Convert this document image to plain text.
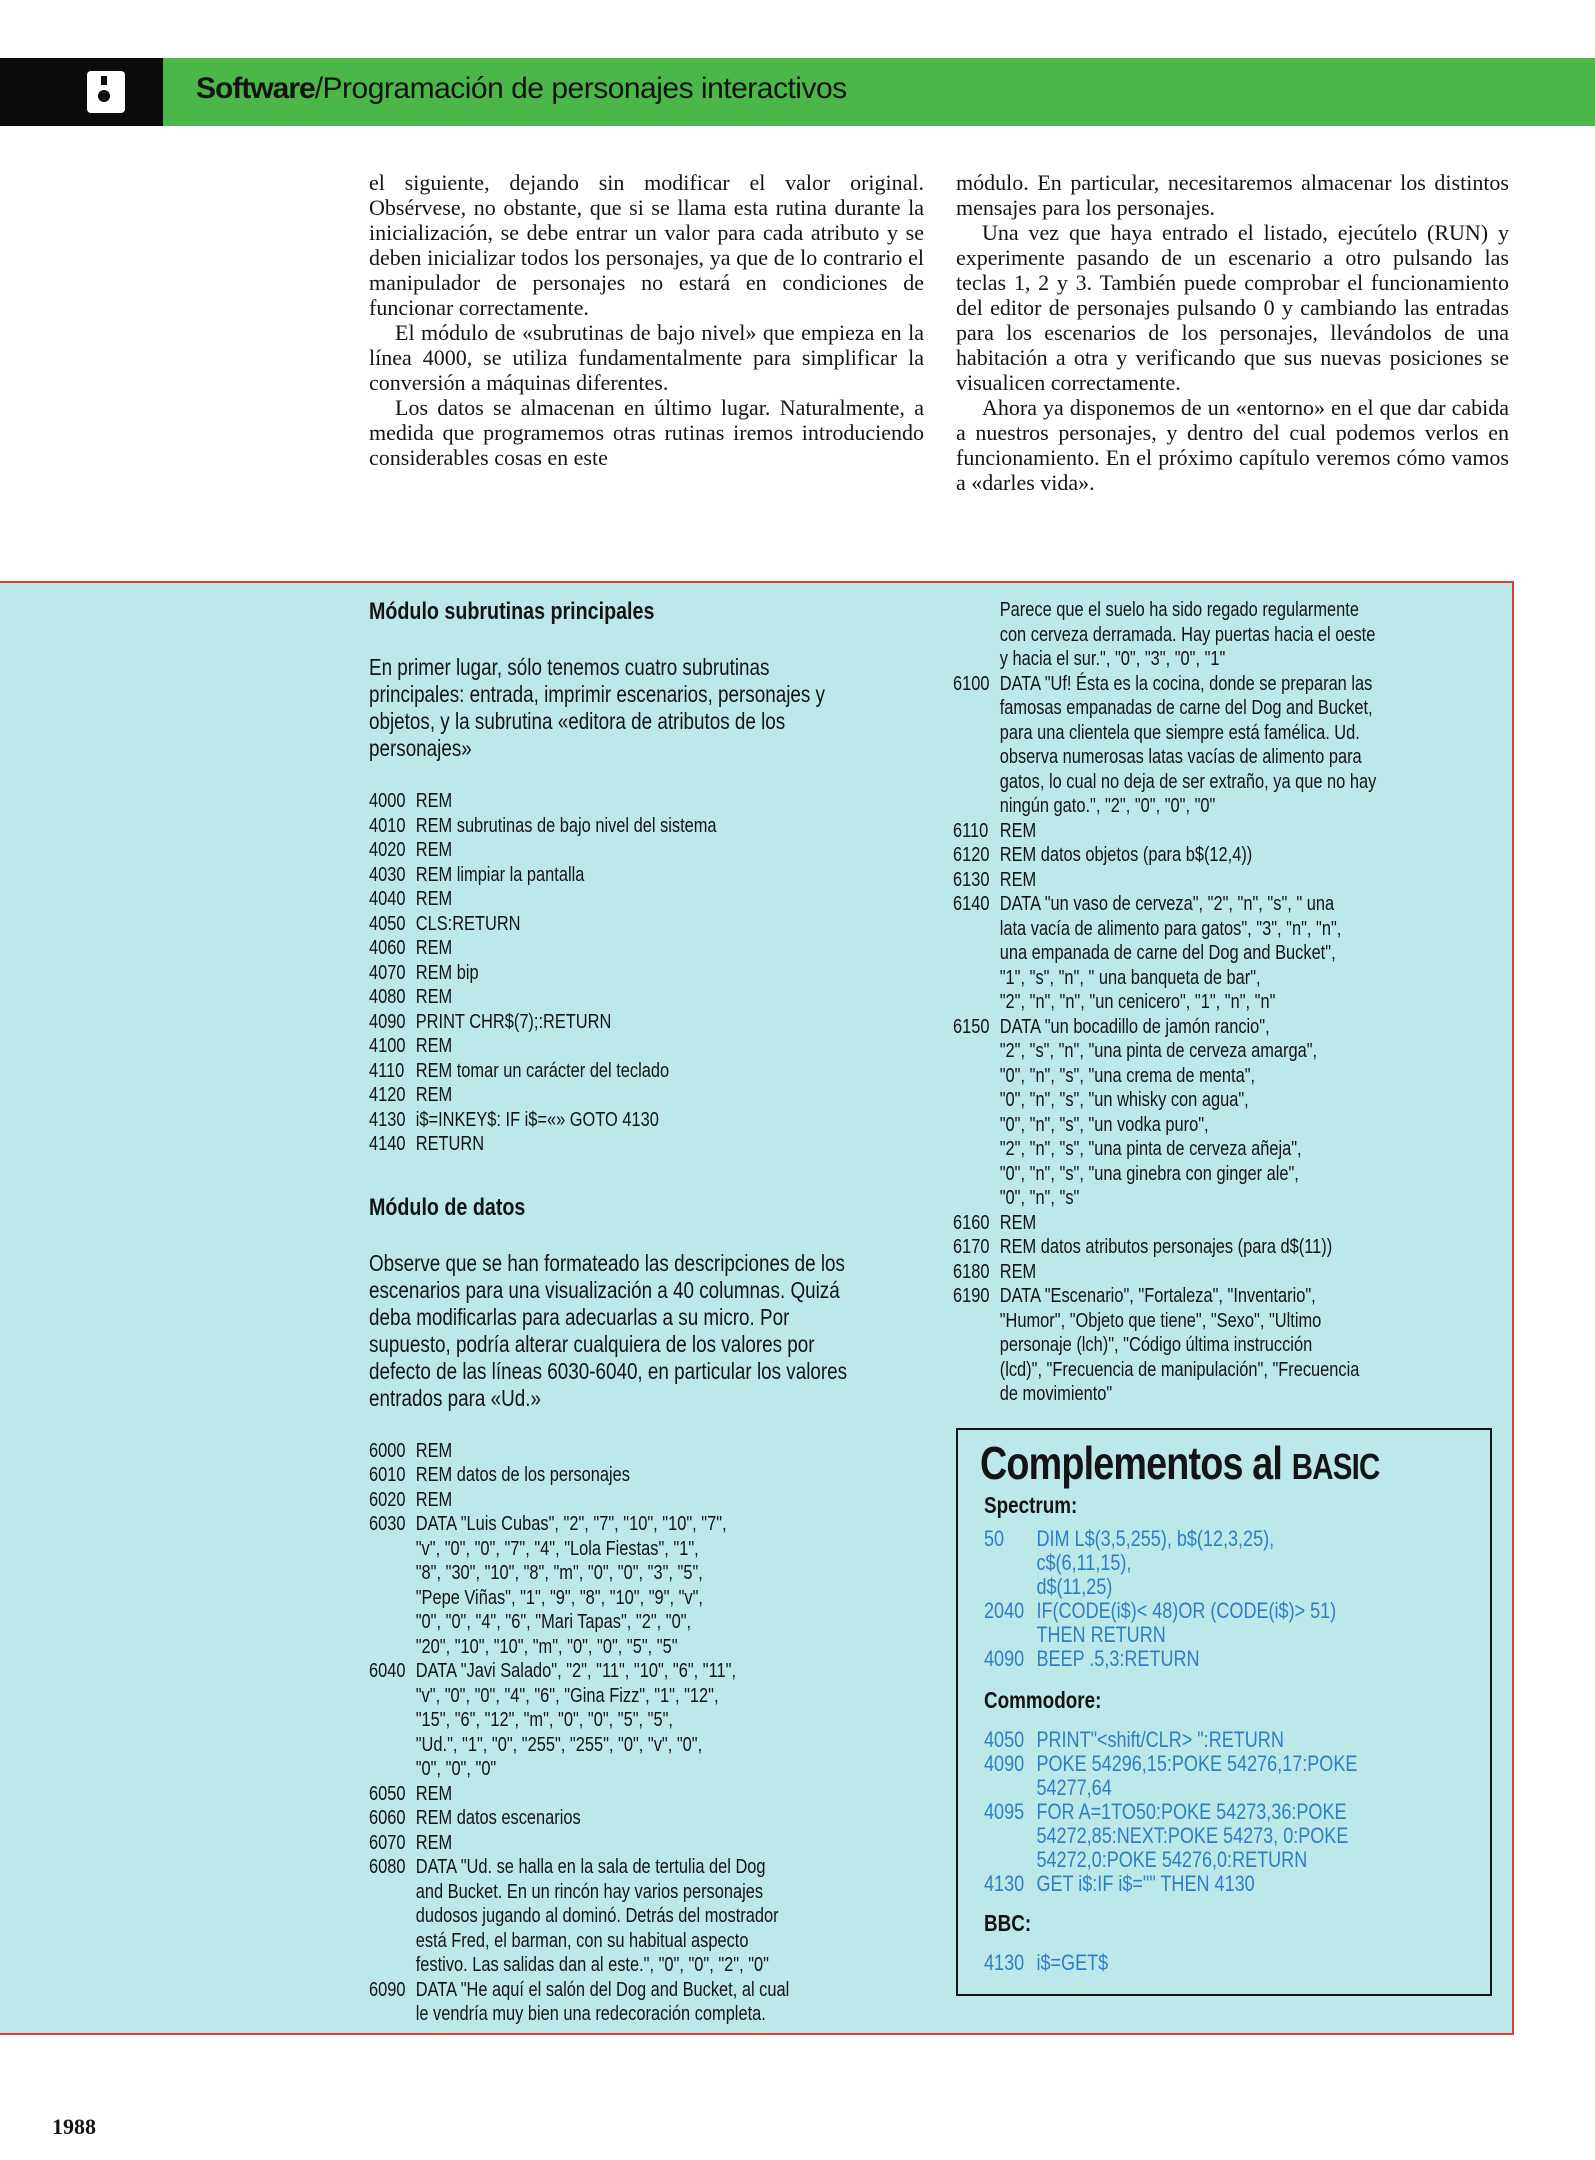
Software/Programación de personajes interactivos

el siguiente, dejando sin modificar el valor original. Obsérvese, no obstante, que si se llama esta rutina durante la inicialización, se debe entrar un valor para cada atributo y se deben inicializar todos los personajes, ya que de lo contrario el manipulador de personajes no estará en condiciones de funcionar correctamente.

El módulo de «subrutinas de bajo nivel» que empieza en la línea 4000, se utiliza fundamentalmente para simplificar la conversión a máquinas diferentes.

Los datos se almacenan en último lugar. Naturalmente, a medida que programemos otras rutinas iremos introduciendo considerables cosas en este

módulo. En particular, necesitaremos almacenar los distintos mensajes para los personajes.

Una vez que haya entrado el listado, ejecútelo (RUN) y experimente pasando de un escenario a otro pulsando las teclas 1, 2 y 3. También puede comprobar el funcionamiento del editor de personajes pulsando 0 y cambiando las entradas para los escenarios de los personajes, llevándolos de una habitación a otra y verificando que sus nuevas posiciones se visualicen correctamente.

Ahora ya disponemos de un «entorno» en el que dar cabida a nuestros personajes, y dentro del cual podemos verlos en funcionamiento. En el próximo capítulo veremos cómo vamos a «darles vida».

Módulo subrutinas principales
En primer lugar, sólo tenemos cuatro subrutinas principales: entrada, imprimir escenarios, personajes y objetos, y la subrutina «editora de atributos de los personajes»
4000 REM
4010 REM subrutinas de bajo nivel del sistema
4020 REM
4030 REM limpiar la pantalla
4040 REM
4050 CLS:RETURN
4060 REM
4070 REM bip
4080 REM
4090 PRINT CHR$(7);:RETURN
4100 REM
4110 REM tomar un carácter del teclado
4120 REM
4130 i$=INKEY$: IF i$=«» GOTO 4130
4140 RETURN
Módulo de datos
Observe que se han formateado las descripciones de los escenarios para una visualización a 40 columnas. Quizá deba modificarlas para adecuarlas a su micro. Por supuesto, podría alterar cualquiera de los valores por defecto de las líneas 6030-6040, en particular los valores entrados para «Ud.»
6000 REM
6010 REM datos de los personajes
6020 REM
6030 DATA "Luis Cubas", "2", "7", "10", "10", "7",
"v", "0", "0", "7", "4", "Lola Fiestas", "1",
"8", "30", "10", "8", "m", "0", "0", "3", "5",
"Pepe Viñas", "1", "9", "8", "10", "9", "v",
"0", "0", "4", "6", "Mari Tapas", "2", "0",
"20", "10", "10", "m", "0", "0", "5", "5"
6040 DATA "Javi Salado", "2", "11", "10", "6", "11",
"v", "0", "0", "4", "6", "Gina Fizz", "1", "12",
"15", "6", "12", "m", "0", "0", "5", "5",
"Ud.", "1", "0", "255", "255", "0", "v", "0",
"0", "0", "0"
6050 REM
6060 REM datos escenarios
6070 REM
6080 DATA "Ud. se halla en la sala de tertulia del Dog
and Bucket. En un rincón hay varios personajes
dudosos jugando al dominó. Detrás del mostrador
está Fred, el barman, con su habitual aspecto
festivo. Las salidas dan al este.", "0", "0", "2", "0"
6090 DATA "He aquí el salón del Dog and Bucket, al cual
le vendría muy bien una redecoración completa.
Parece que el suelo ha sido regado regularmente
con cerveza derramada. Hay puertas hacia el oeste
y hacia el sur.", "0", "3", "0", "1"
6100 DATA "Uf! Ésta es la cocina, donde se preparan las
famosas empanadas de carne del Dog and Bucket,
para una clientela que siempre está famélica. Ud.
observa numerosas latas vacías de alimento para
gatos, lo cual no deja de ser extraño, ya que no hay
ningún gato.", "2", "0", "0", "0"
6110 REM
6120 REM datos objetos (para b$(12,4))
6130 REM
6140 DATA "un vaso de cerveza", "2", "n", "s", " una
lata vacía de alimento para gatos", "3", "n", "n",
una empanada de carne del Dog and Bucket",
"1", "s", "n", " una banqueta de bar",
"2", "n", "n", "un cenicero", "1", "n", "n"
6150 DATA "un bocadillo de jamón rancio",
"2", "s", "n", "una pinta de cerveza amarga",
"0", "n", "s", "una crema de menta",
"0", "n", "s", "un whisky con agua",
"0", "n", "s", "un vodka puro",
"2", "n", "s", "una pinta de cerveza añeja",
"0", "n", "s", "una ginebra con ginger ale",
"0", "n", "s"
6160 REM
6170 REM datos atributos personajes (para d$(11))
6180 REM
6190 DATA "Escenario", "Fortaleza", "Inventario",
"Humor", "Objeto que tiene", "Sexo", "Ultimo
personaje (lch)", "Código última instrucción
(lcd)", "Frecuencia de manipulación", "Frecuencia
de movimiento"
Complementos al BASIC
Spectrum:
50	DIM L$(3,5,255), b$(12,3,25),
c$(6,11,15),
d$(11,25)
2040 IF(CODE(i$)< 48)OR (CODE(i$)> 51)
THEN RETURN
4090 BEEP .5,3:RETURN
Commodore:
4050 PRINT"<shift/CLR> ":RETURN
4090 POKE 54296,15:POKE 54276,17:POKE
54277,64
4095 FOR A=1TO50:POKE 54273,36:POKE
54272,85:NEXT:POKE 54273, 0:POKE
54272,0:POKE 54276,0:RETURN
4130 GET i$:IF i$="" THEN 4130
BBC:
4130 i$=GET$
1988
